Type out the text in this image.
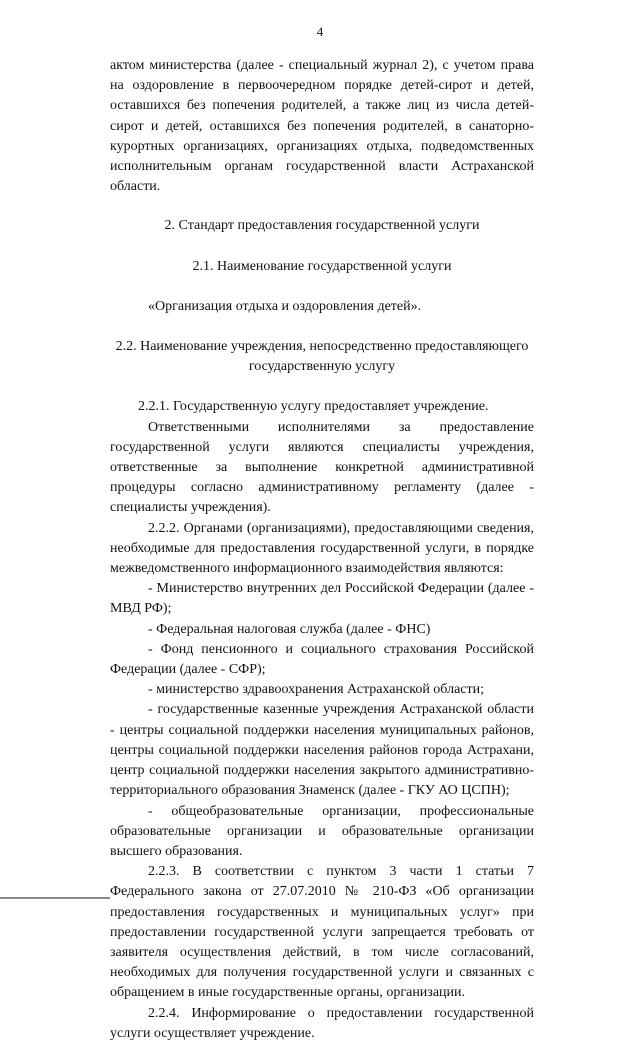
4

актом министерства (далее - специальный журнал 2), с учетом права на оздоровление в первоочередном порядке детей-сирот и детей, оставшихся без попечения родителей, а также лиц из числа детей-сирот и детей, оставшихся без попечения родителей, в санаторно-курортных организациях, организациях отдыха, подведомственных исполнительным органам государственной власти Астраханской области.

2. Стандарт предоставления государственной услуги

2.1. Наименование государственной услуги

«Организация отдыха и оздоровления детей».

2.2. Наименование учреждения, непосредственно предоставляющего государственную услугу

2.2.1. Государственную услугу предоставляет учреждение.

Ответственными исполнителями за предоставление государственной услуги являются специалисты учреждения, ответственные за выполнение конкретной административной процедуры согласно административному регламенту (далее - специалисты учреждения).

2.2.2. Органами (организациями), предоставляющими сведения, необходимые для предоставления государственной услуги, в порядке межведомственного информационного взаимодействия являются:

- Министерство внутренних дел Российской Федерации (далее - МВД РФ);

- Федеральная налоговая служба (далее - ФНС)

- Фонд пенсионного и социального страхования Российской Федерации (далее - СФР);

- министерство здравоохранения Астраханской области;

- государственные казенные учреждения Астраханской области - центры социальной поддержки населения муниципальных районов, центры социальной поддержки населения районов города Астрахани, центр социальной поддержки населения закрытого административно-территориального образования Знаменск (далее - ГКУ АО ЦСПН);

- общеобразовательные организации, профессиональные образовательные организации и образовательные организации высшего образования.

2.2.3. В соответствии с пунктом 3 части 1 статьи 7 Федерального закона от 27.07.2010 № 210-ФЗ «Об организации предоставления государственных и муниципальных услуг» при предоставлении государственной услуги запрещается требовать от заявителя осуществления действий, в том числе согласований, необходимых для получения государственной услуги и связанных с обращением в иные государственные органы, организации.

2.2.4. Информирование о предоставлении государственной услуги осуществляет учреждение.
